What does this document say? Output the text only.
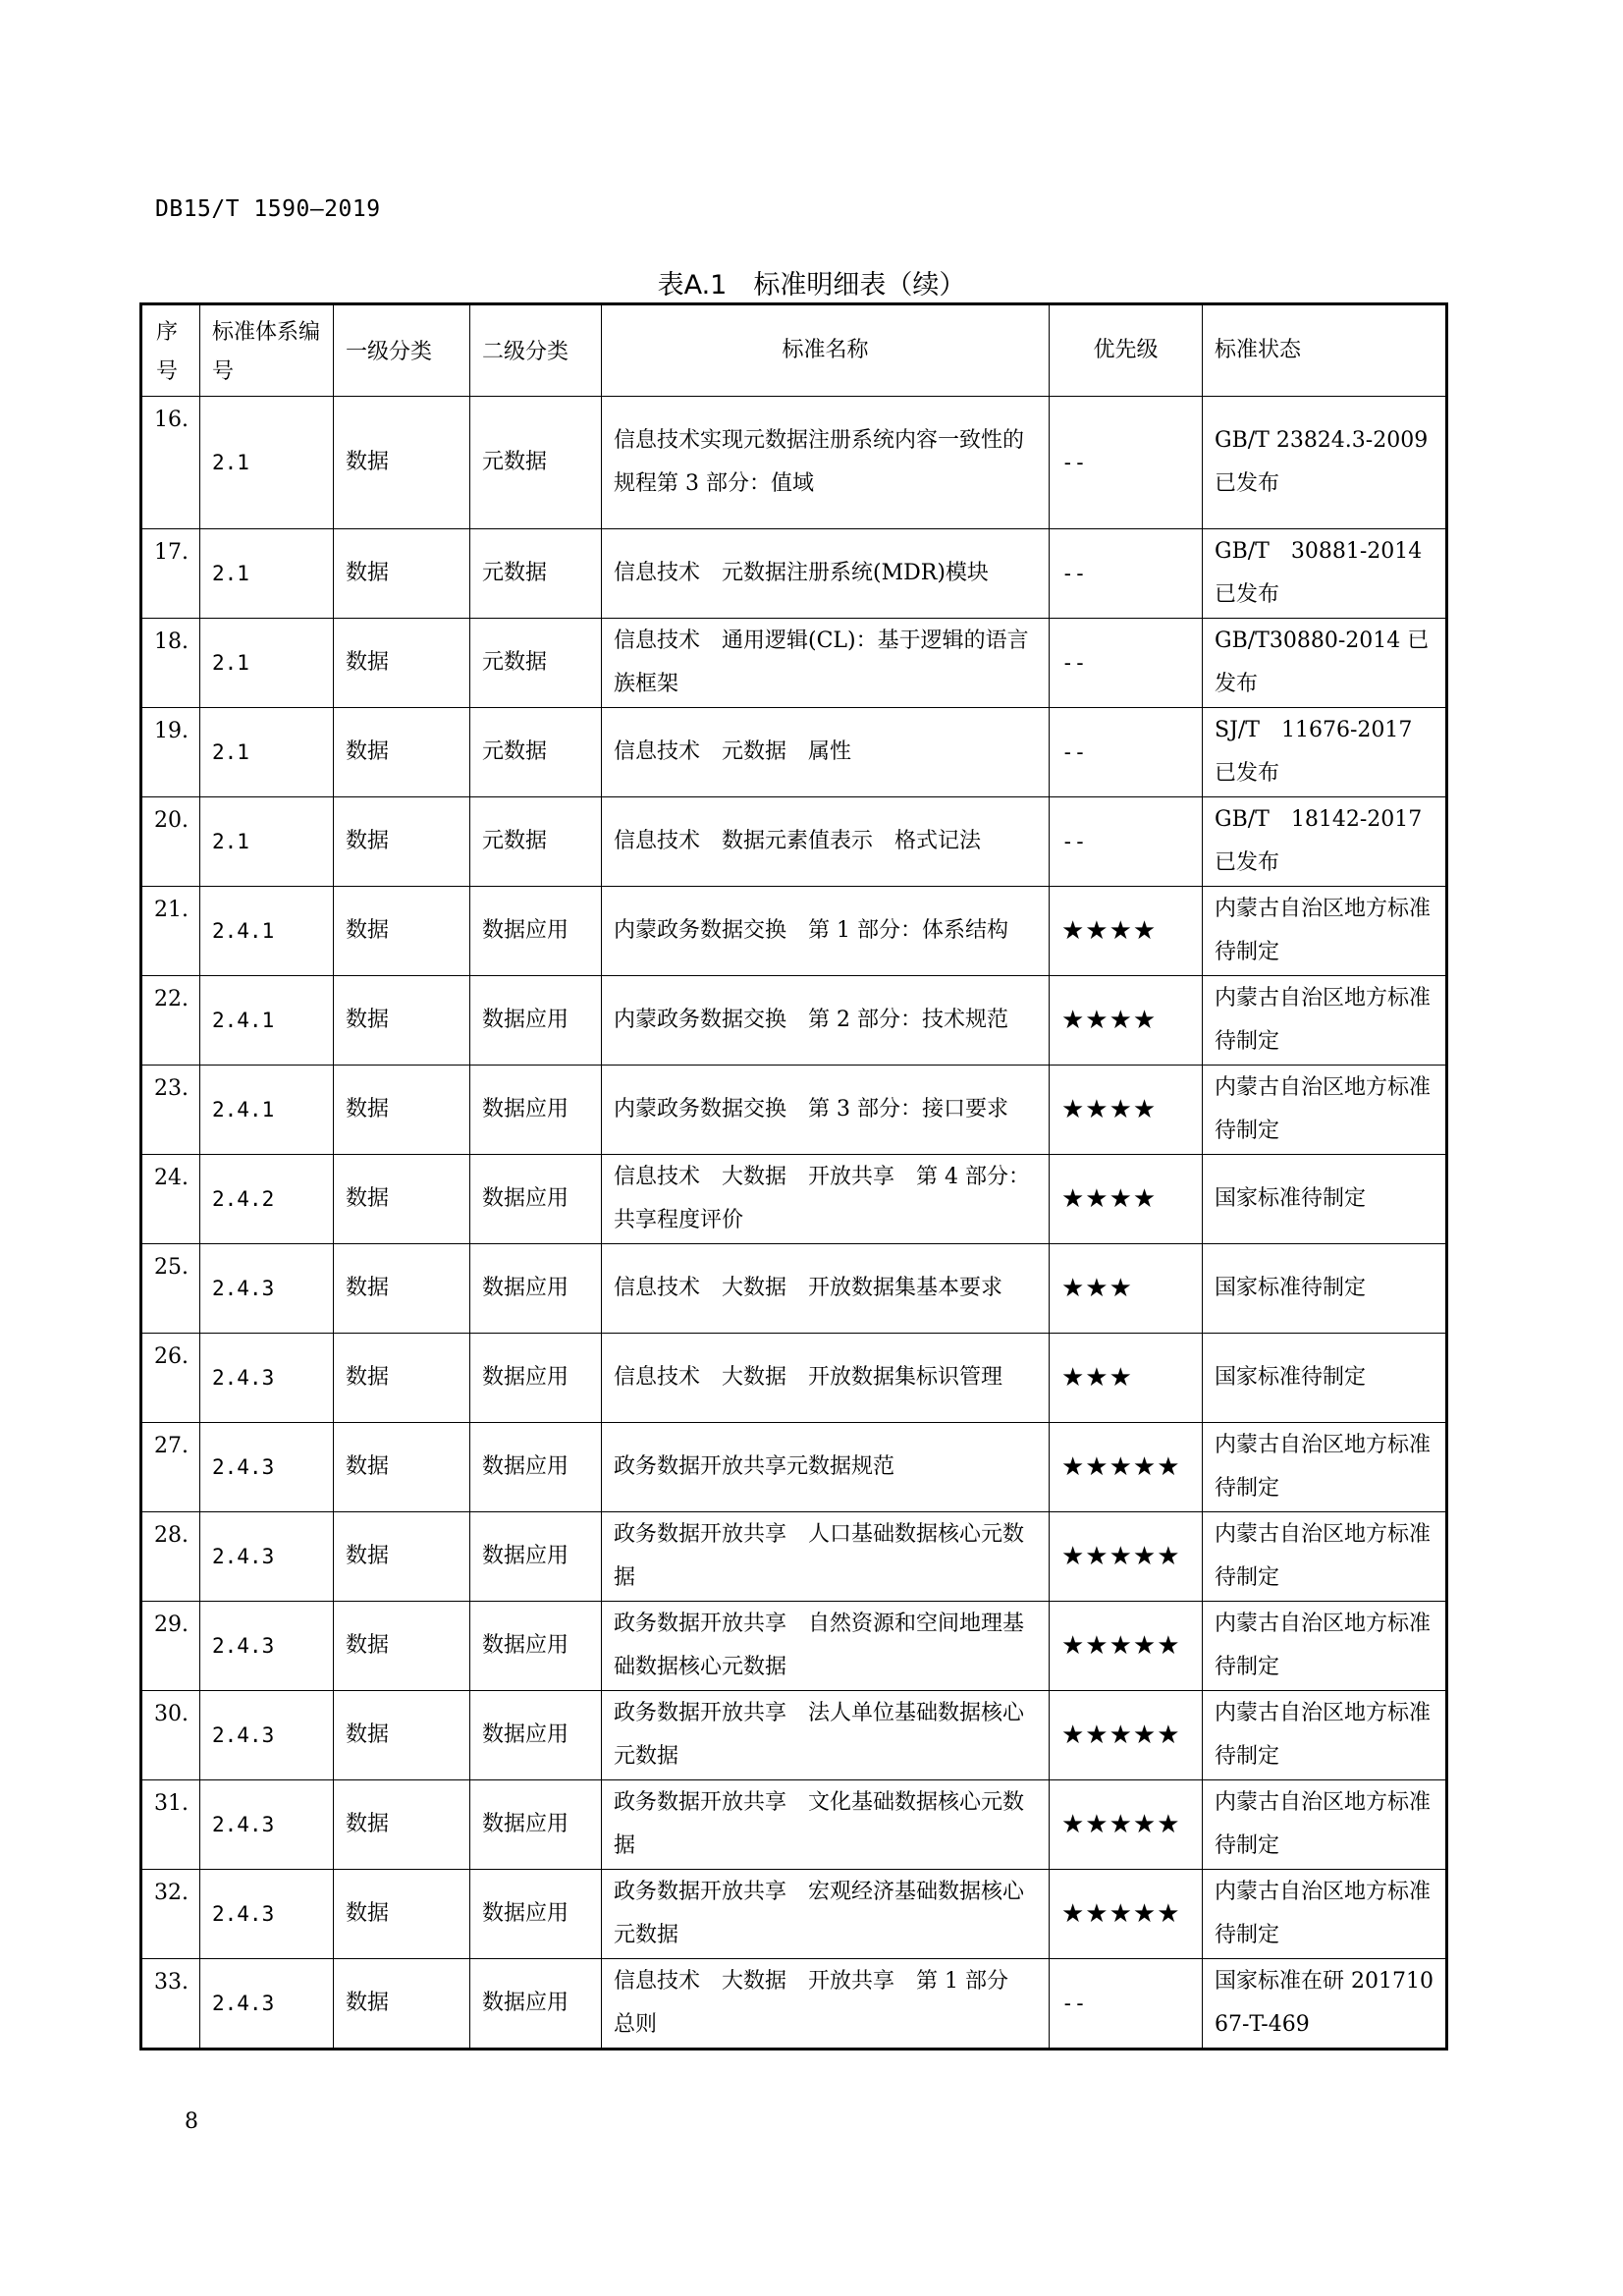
DB15/T 1590—2019
表A.1　标准明细表（续）
序号	标准体系编号	一级分类	二级分类	标准名称	优先级	标准状态
16.	2.1	数据	元数据	信息技术实现元数据注册系统内容一致性的规程第 3 部分：值域	--	GB/T 23824.3-2009 已发布
17.	2.1	数据	元数据	信息技术　元数据注册系统(MDR)模块	--	GB/T　30881-2014 已发布
18.	2.1	数据	元数据	信息技术　通用逻辑(CL)：基于逻辑的语言族框架	--	GB/T30880-2014 已发布
19.	2.1	数据	元数据	信息技术　元数据　属性	--	SJ/T　11676-2017 已发布
20.	2.1	数据	元数据	信息技术　数据元素值表示　格式记法	--	GB/T　18142-2017 已发布
21.	2.4.1	数据	数据应用	内蒙政务数据交换　第 1 部分：体系结构	★★★★	内蒙古自治区地方标准待制定
22.	2.4.1	数据	数据应用	内蒙政务数据交换　第 2 部分：技术规范	★★★★	内蒙古自治区地方标准待制定
23.	2.4.1	数据	数据应用	内蒙政务数据交换　第 3 部分：接口要求	★★★★	内蒙古自治区地方标准待制定
24.	2.4.2	数据	数据应用	信息技术　大数据　开放共享　第 4 部分：共享程度评价	★★★★	国家标准待制定
25.	2.4.3	数据	数据应用	信息技术　大数据　开放数据集基本要求	★★★	国家标准待制定
26.	2.4.3	数据	数据应用	信息技术　大数据　开放数据集标识管理	★★★	国家标准待制定
27.	2.4.3	数据	数据应用	政务数据开放共享元数据规范	★★★★★	内蒙古自治区地方标准待制定
28.	2.4.3	数据	数据应用	政务数据开放共享　人口基础数据核心元数据	★★★★★	内蒙古自治区地方标准待制定
29.	2.4.3	数据	数据应用	政务数据开放共享　自然资源和空间地理基础数据核心元数据	★★★★★	内蒙古自治区地方标准待制定
30.	2.4.3	数据	数据应用	政务数据开放共享　法人单位基础数据核心元数据	★★★★★	内蒙古自治区地方标准待制定
31.	2.4.3	数据	数据应用	政务数据开放共享　文化基础数据核心元数据	★★★★★	内蒙古自治区地方标准待制定
32.	2.4.3	数据	数据应用	政务数据开放共享　宏观经济基础数据核心元数据	★★★★★	内蒙古自治区地方标准待制定
33.	2.4.3	数据	数据应用	信息技术　大数据　开放共享　第 1 部分　总则	--	国家标准在研 20171067-T-469
8
